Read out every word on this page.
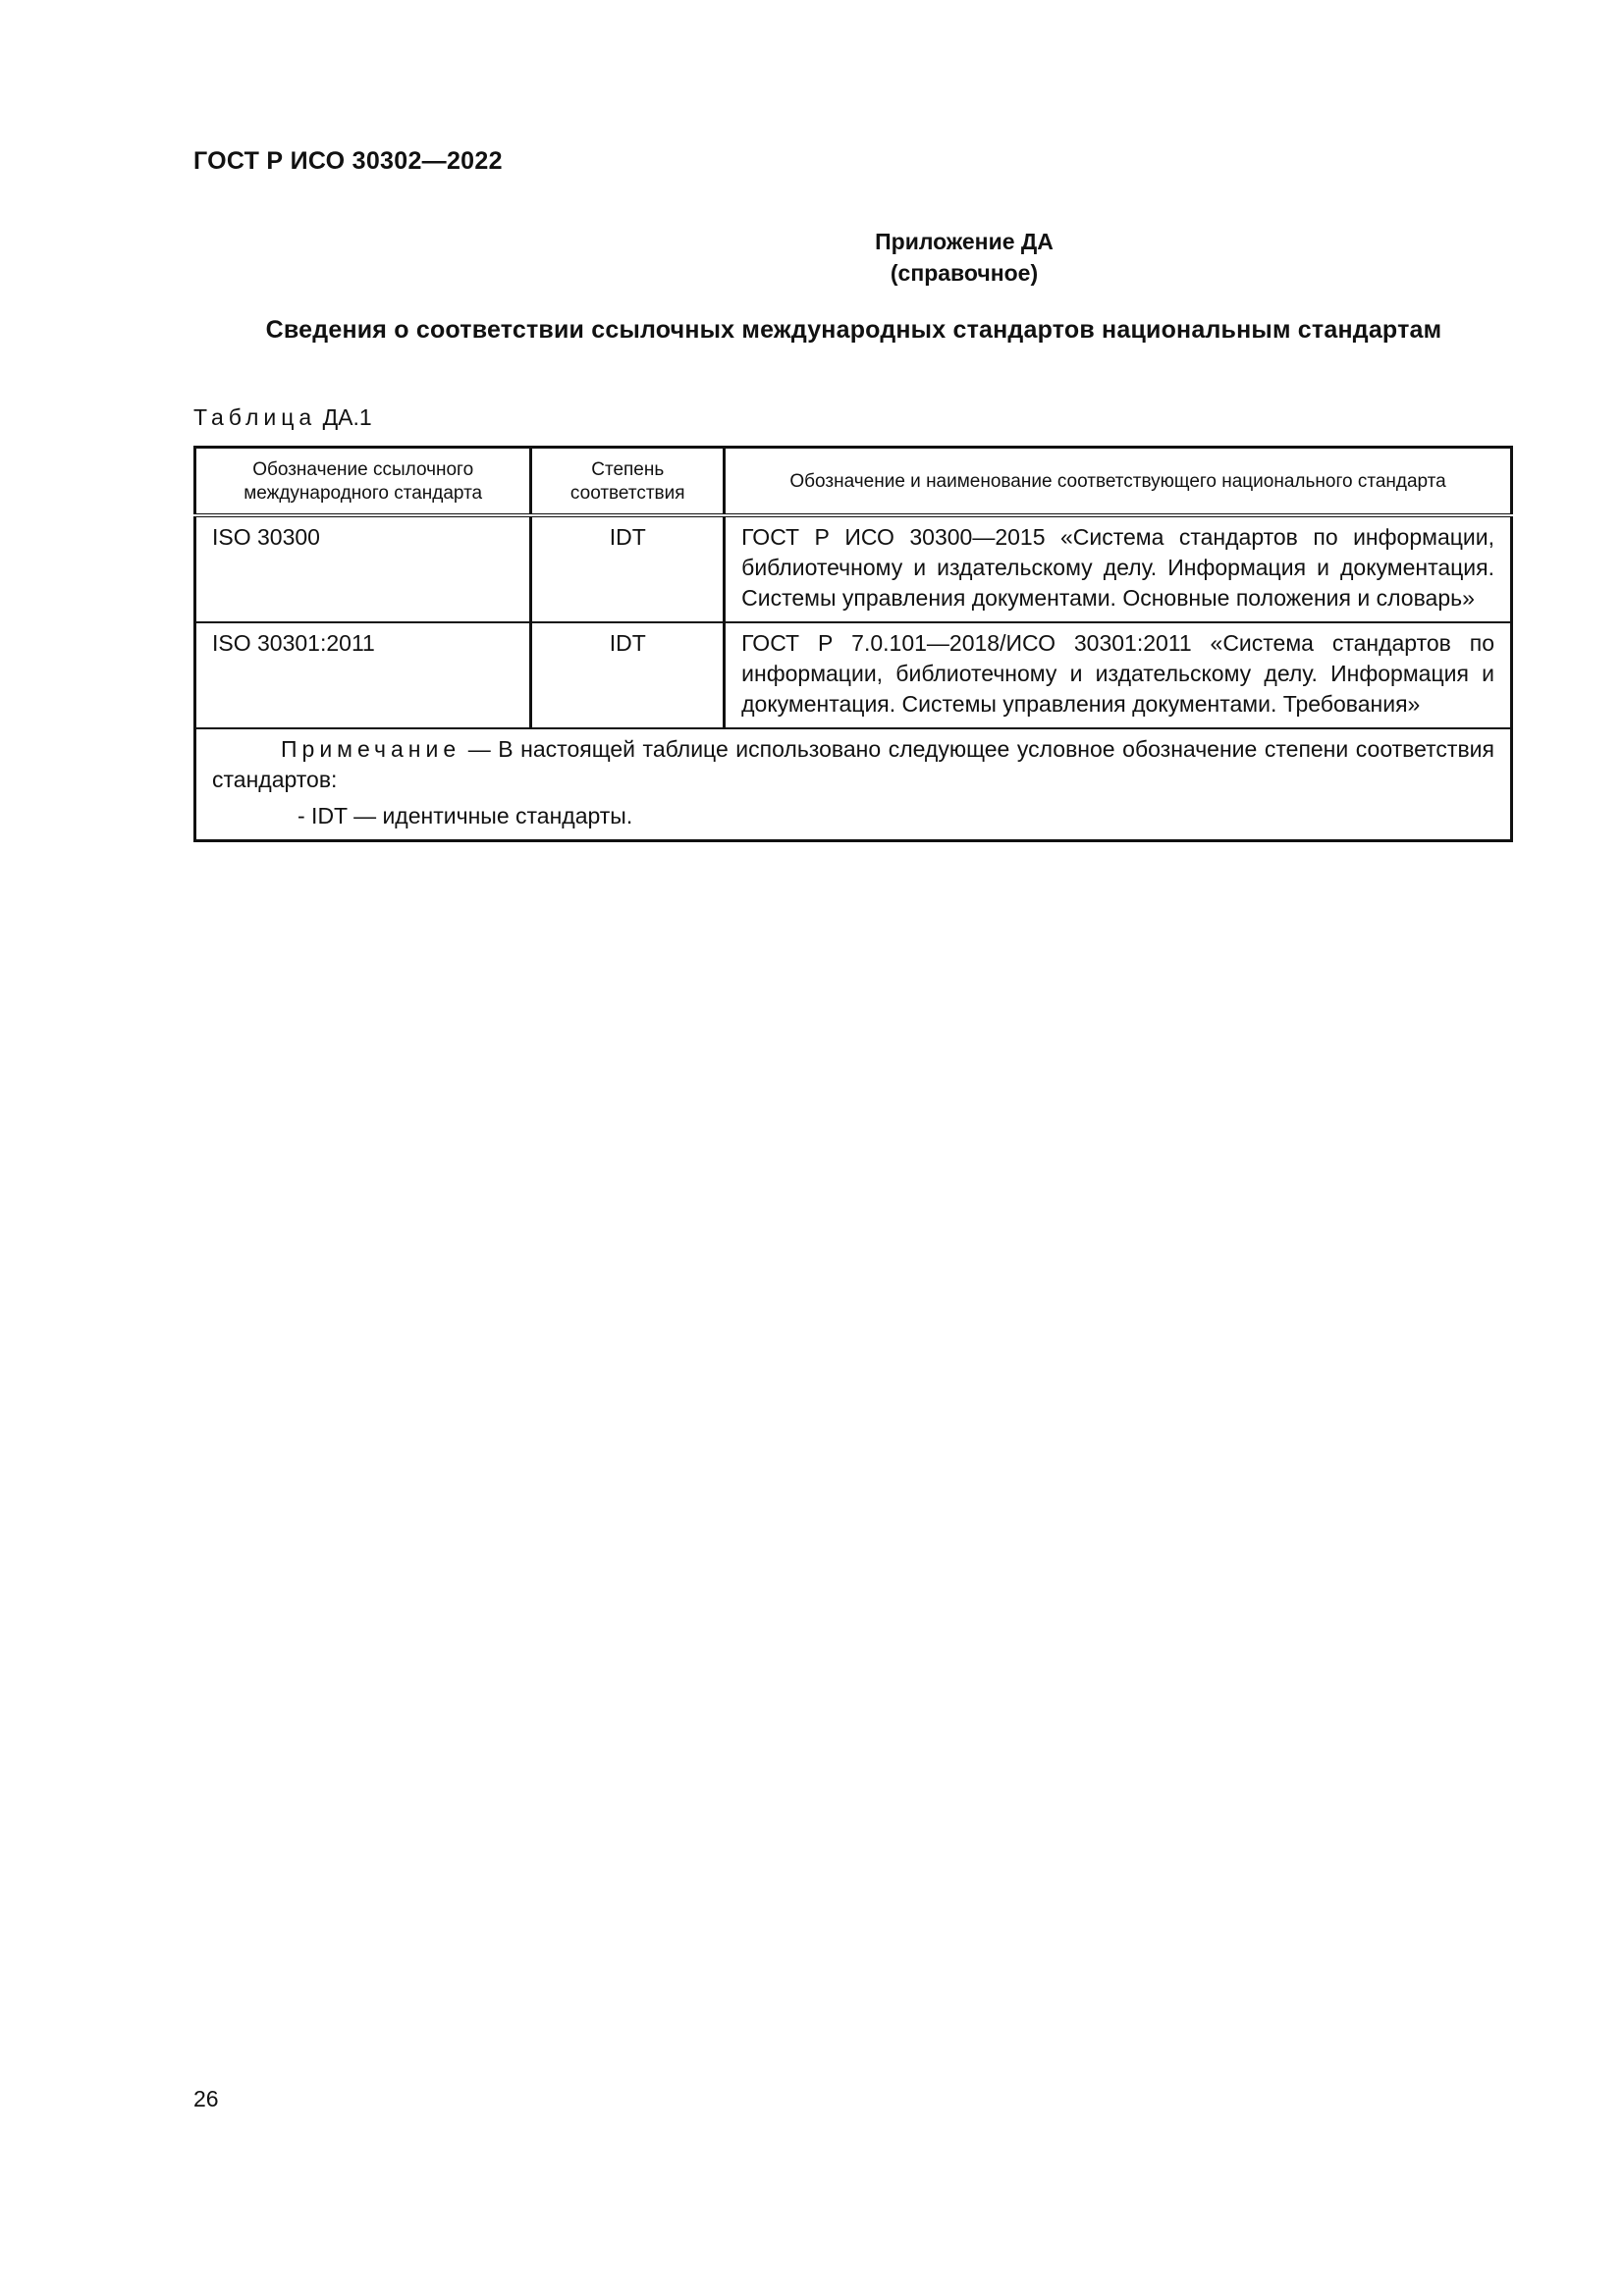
ГОСТ Р ИСО 30302—2022
Приложение ДА
(справочное)
Сведения о соответствии ссылочных международных стандартов национальным стандартам
Таблица ДА.1
Обозначение ссылочного международного стандарта	Степень соответствия	Обозначение и наименование соответствующего национального стандарта
ISO 30300	IDT	ГОСТ Р ИСО 30300—2015 «Система стандартов по информации, библиотечному и издательскому делу. Информация и документация. Системы управления документами. Основные положения и словарь»
ISO 30301:2011	IDT	ГОСТ Р 7.0.101—2018/ИСО 30301:2011 «Система стандартов по информации, библиотечному и издательскому делу. Информация и документация. Системы управления документами. Требования»

Примечание — В настоящей таблице использовано следующее условное обозначение степени соответствия стандартов:
- IDT — идентичные стандарты.		
26
